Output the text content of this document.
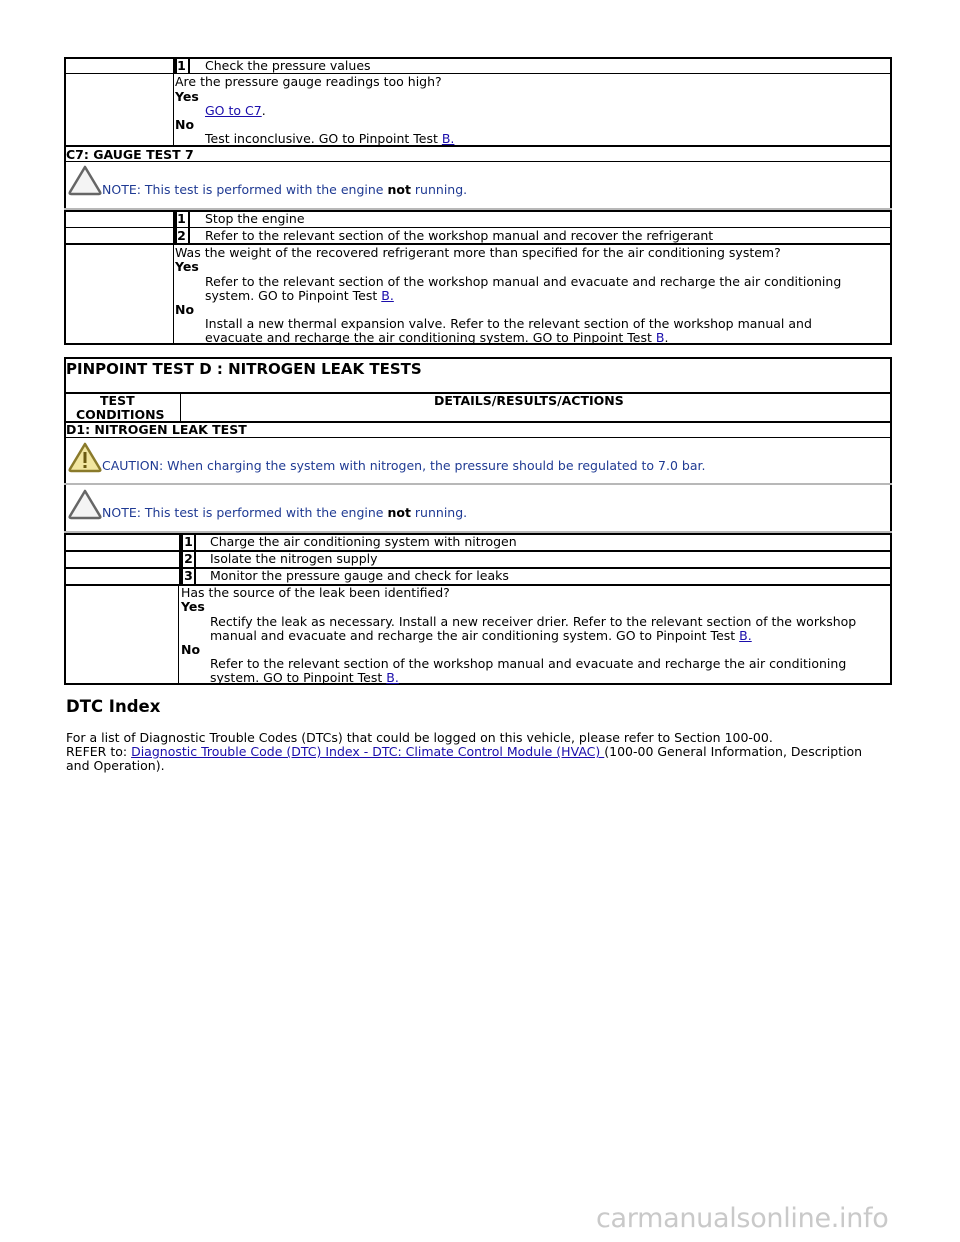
1 Check the pressure values
Are the pressure gauge readings too high?
Yes
GO to C7.
No
Test inconclusive. GO to Pinpoint Test B.
C7: GAUGE TEST 7
NOTE: This test is performed with the engine not running.
1 Stop the engine
2 Refer to the relevant section of the workshop manual and recover the refrigerant
Was the weight of the recovered refrigerant more than specified for the air conditioning system?
Yes
Refer to the relevant section of the workshop manual and evacuate and recharge the air conditioning
system. GO to Pinpoint Test B.
No
Install a new thermal expansion valve. Refer to the relevant section of the workshop manual and
evacuate and recharge the air conditioning system. GO to Pinpoint Test B.
PINPOINT TEST D : NITROGEN LEAK TESTS
TEST
CONDITIONS
DETAILS/RESULTS/ACTIONS
D1: NITROGEN LEAK TEST
CAUTION: When charging the system with nitrogen, the pressure should be regulated to 7.0 bar.
NOTE: This test is performed with the engine not running.
1 Charge the air conditioning system with nitrogen
2 Isolate the nitrogen supply
3 Monitor the pressure gauge and check for leaks
Has the source of the leak been identified?
Yes
Rectify the leak as necessary. Install a new receiver drier. Refer to the relevant section of the workshop
manual and evacuate and recharge the air conditioning system. GO to Pinpoint Test B.
No
Refer to the relevant section of the workshop manual and evacuate and recharge the air conditioning
system. GO to Pinpoint Test B.
DTC Index
For a list of Diagnostic Trouble Codes (DTCs) that could be logged on this vehicle, please refer to Section 100-00.
REFER to: Diagnostic Trouble Code (DTC) Index - DTC: Climate Control Module (HVAC) (100-00 General Information, Description
and Operation).
carmanualsonline.info
